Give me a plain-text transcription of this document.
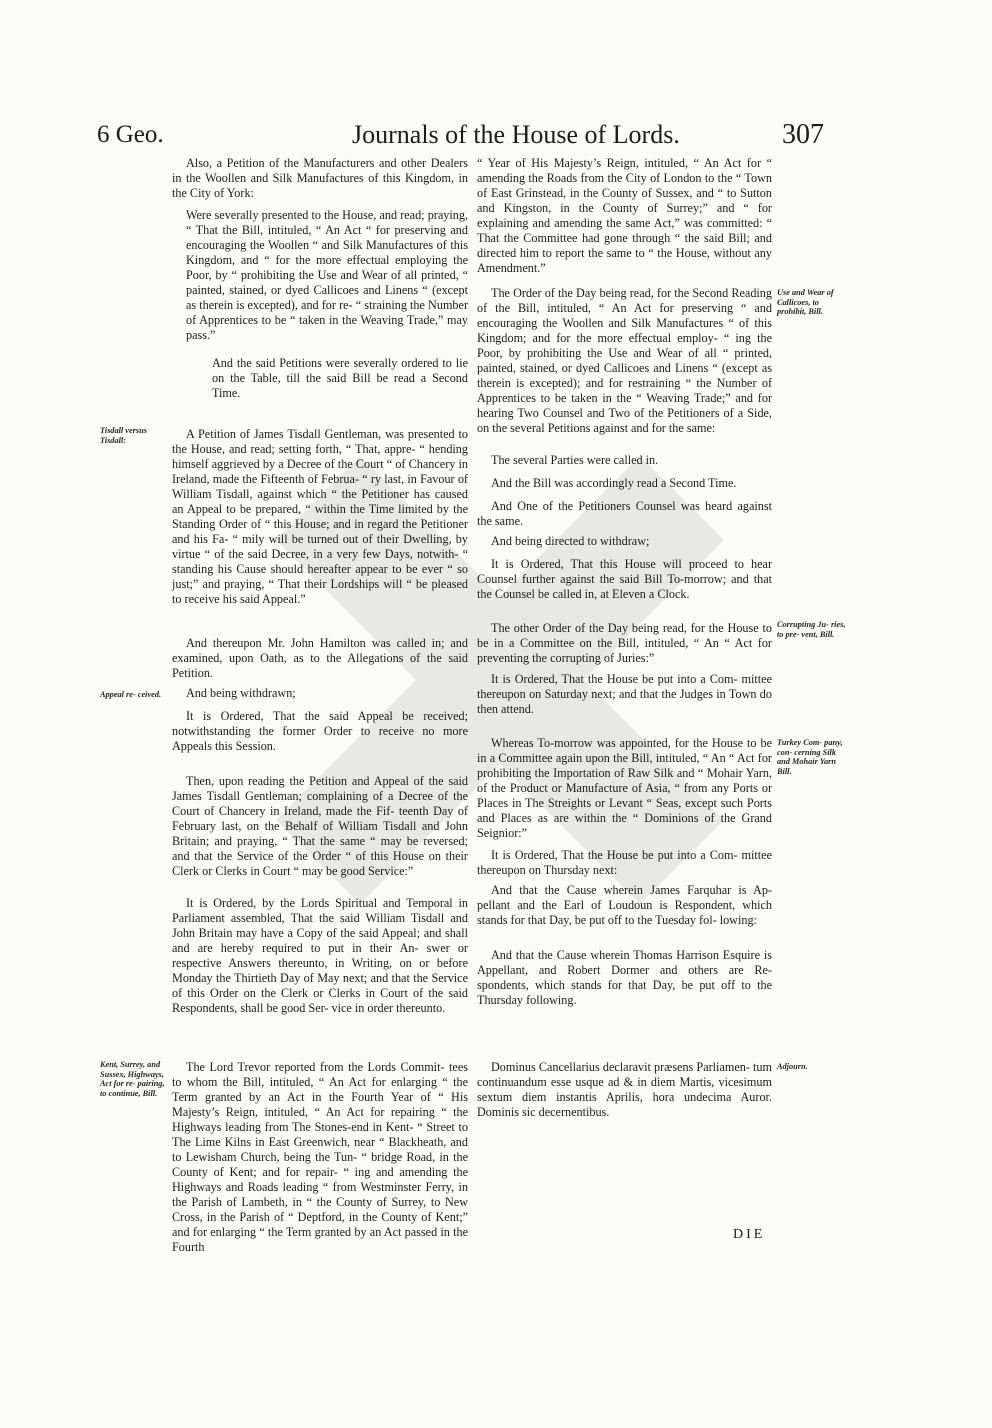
6 Geo.	Journals of the House of Lords.	307

Also, a Petition of the Manufacturers and other Dealers in the Woollen and Silk Manufactures of this Kingdom, in the City of York:

Were severally presented to the House, and read; praying, “ That the Bill, intituled, “ An Act “ for preserving and encouraging the Woollen “ and Silk Manufactures of this Kingdom, and “ for the more effectual employing the Poor, by “ prohibiting the Use and Wear of all printed, “ painted, stained, or dyed Callicoes and Linens “ (except as therein is excepted), and for re- “ straining the Number of Apprentices to be “ taken in the Weaving Trade,” may pass.”

And the said Petitions were severally ordered to lie on the Table, till the said Bill be read a Second Time.

A Petition of James Tisdall Gentleman, was presented to the House, and read; setting forth, “ That, appre- “ hending himself aggrieved by a Decree of the Court “ of Chancery in Ireland, made the Fifteenth of Februa- “ ry last, in Favour of William Tisdall, against which “ the Petitioner has caused an Appeal to be prepared, “ within the Time limited by the Standing Order of “ this House; and in regard the Petitioner and his Fa- “ mily will be turned out of their Dwelling, by virtue “ of the said Decree, in a very few Days, notwith- “ standing his Cause should hereafter appear to be ever “ so just;” and praying, “ That their Lordships will “ be pleased to receive his said Appeal.”

And thereupon Mr. John Hamilton was called in; and examined, upon Oath, as to the Allegations of the said Petition.

And being withdrawn;

It is Ordered, That the said Appeal be received; notwithstanding the former Order to receive no more Appeals this Session.

Then, upon reading the Petition and Appeal of the said James Tisdall Gentleman; complaining of a Decree of the Court of Chancery in Ireland, made the Fif- teenth Day of February last, on the Behalf of William Tisdall and John Britain; and praying, “ That the same “ may be reversed; and that the Service of the Order “ of this House on their Clerk or Clerks in Court “ may be good Service:”

It is Ordered, by the Lords Spiritual and Temporal in Parliament assembled, That the said William Tisdall and John Britain may have a Copy of the said Appeal; and shall and are hereby required to put in their An- swer or respective Answers thereunto, in Writing, on or before Monday the Thirtieth Day of May next; and that the Service of this Order on the Clerk or Clerks in Court of the said Respondents, shall be good Ser- vice in order thereunto.

The Lord Trevor reported from the Lords Commit- tees to whom the Bill, intituled, “ An Act for enlarging “ the Term granted by an Act in the Fourth Year of “ His Majesty’s Reign, intituled, “ An Act for repairing “ the Highways leading from The Stones-end in Kent- “ Street to The Lime Kilns in East Greenwich, near “ Blackheath, and to Lewisham Church, being the Tun- “ bridge Road, in the County of Kent; and for repair- “ ing and amending the Highways and Roads leading “ from Westminster Ferry, in the Parish of Lambeth, in “ the County of Surrey, to New Cross, in the Parish of “ Deptford, in the County of Kent;” and for enlarging “ the Term granted by an Act passed in the Fourth

“ Year of His Majesty’s Reign, intituled, “ An Act for “ amending the Roads from the City of London to the “ Town of East Grinstead, in the County of Sussex, and “ to Sutton and Kingston, in the County of Surrey;” and “ for explaining and amending the same Act,” was committed: “ That the Committee had gone through “ the said Bill; and directed him to report the same to “ the House, without any Amendment.”

The Order of the Day being read, for the Second Reading of the Bill, intituled, “ An Act for preserving “ and encouraging the Woollen and Silk Manufactures “ of this Kingdom; and for the more effectual employ- “ ing the Poor, by prohibiting the Use and Wear of all “ printed, painted, stained, or dyed Callicoes and Linens “ (except as therein is excepted); and for restraining “ the Number of Apprentices to be taken in the “ Weaving Trade;” and for hearing Two Counsel and Two of the Petitioners of a Side, on the several Petitions against and for the same:

The several Parties were called in.

And the Bill was accordingly read a Second Time.

And One of the Petitioners Counsel was heard against the same.

And being directed to withdraw;

It is Ordered, That this House will proceed to hear Counsel further against the said Bill To-morrow; and that the Counsel be called in, at Eleven a Clock.

The other Order of the Day being read, for the House to be in a Committee on the Bill, intituled, “ An “ Act for preventing the corrupting of Juries:”

It is Ordered, That the House be put into a Com- mittee thereupon on Saturday next; and that the Judges in Town do then attend.

Whereas To-morrow was appointed, for the House to be in a Committee again upon the Bill, intituled, “ An “ Act for prohibiting the Importation of Raw Silk and “ Mohair Yarn, of the Product or Manufacture of Asia, “ from any Ports or Places in The Streights or Levant “ Seas, except such Ports and Places as are within the “ Dominions of the Grand Seignior:”

It is Ordered, That the House be put into a Com- mittee thereupon on Thursday next:

And that the Cause wherein James Farquhar is Ap- pellant and the Earl of Loudoun is Respondent, which stands for that Day, be put off to the Tuesday fol- lowing:

And that the Cause wherein Thomas Harrison Esquire is Appellant, and Robert Dormer and others are Re- spondents, which stands for that Day, be put off to the Thursday following.

Dominus Cancellarius declaravit præsens Parliamen- tum continuandum esse usque ad & in diem Martis, vicesimum sextum diem instantis Aprilis, hora undecima Auror. Dominis sic decernentibus.

Tisdall versus Tisdall:
Appeal re- ceived.
Kent, Surrey, and Sussex, Highways, Act for re- pairing, to continue, Bill.
Use and Wear of Callicoes, to prohibit, Bill.
Corrupting Ju- ries, to pre- vent, Bill.
Turkey Com- pany, con- cerning Silk and Mohair Yarn Bill.
Adjourn.
DIE
